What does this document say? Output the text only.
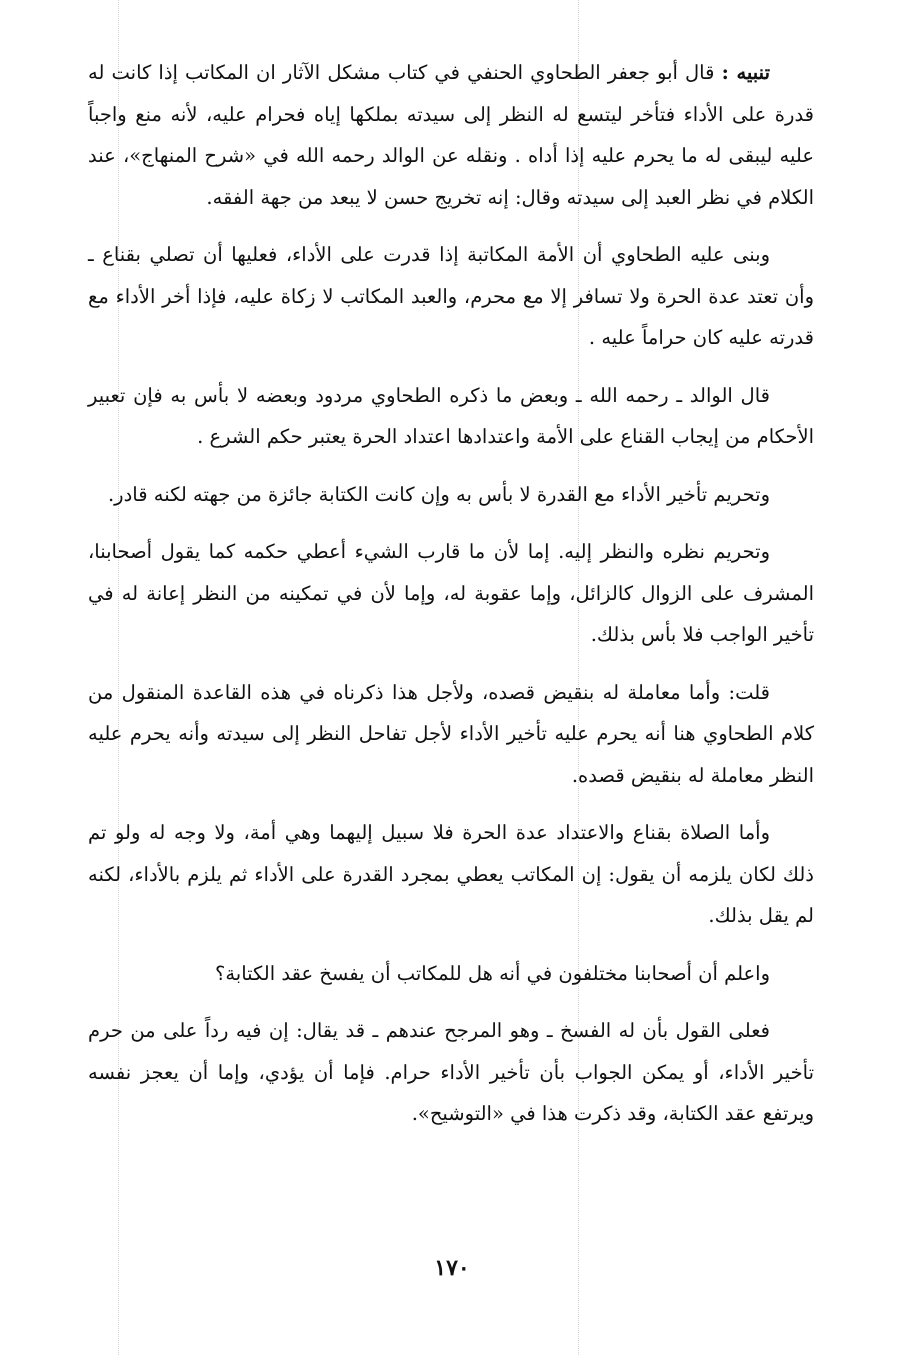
تنبيه : قال أبو جعفر الطحاوي الحنفي في كتاب مشكل الآثار ان المكاتب إذا كانت له قدرة على الأداء فتأخر ليتسع له النظر إلى سيدته بملكها إياه فحرام عليه، لأنه منع واجباً عليه ليبقى له ما يحرم عليه إذا أداه . ونقله عن الوالد رحمه الله في «شرح المنهاج»، عند الكلام في نظر العبد إلى سيدته وقال: إنه تخريج حسن لا يبعد من جهة الفقه.

وبنى عليه الطحاوي أن الأمة المكاتبة إذا قدرت على الأداء، فعليها أن تصلي بقناع ـ وأن تعتد عدة الحرة ولا تسافر إلا مع محرم، والعبد المكاتب لا زكاة عليه، فإذا أخر الأداء مع قدرته عليه كان حراماً عليه .

قال الوالد ـ رحمه الله ـ وبعض ما ذكره الطحاوي مردود وبعضه لا بأس به فإن تعبير الأحكام من إيجاب القناع على الأمة واعتدادها اعتداد الحرة يعتبر حكم الشرع .

وتحريم تأخير الأداء مع القدرة لا بأس به وإن كانت الكتابة جائزة من جهته لكنه قادر.

وتحريم نظره والنظر إليه. إما لأن ما قارب الشيء أعطي حكمه كما يقول أصحابنا، المشرف على الزوال كالزائل، وإما عقوبة له، وإما لأن في تمكينه من النظر إعانة له في تأخير الواجب فلا بأس بذلك.

قلت: وأما معاملة له بنقيض قصده، ولأجل هذا ذكرناه في هذه القاعدة المنقول من كلام الطحاوي هنا أنه يحرم عليه تأخير الأداء لأجل تفاحل النظر إلى سيدته وأنه يحرم عليه النظر معاملة له بنقيض قصده.

وأما الصلاة بقناع والاعتداد عدة الحرة فلا سبيل إليهما وهي أمة، ولا وجه له ولو تم ذلك لكان يلزمه أن يقول: إن المكاتب يعطي بمجرد القدرة على الأداء ثم يلزم بالأداء، لكنه لم يقل بذلك.

واعلم أن أصحابنا مختلفون في أنه هل للمكاتب أن يفسخ عقد الكتابة؟

فعلى القول بأن له الفسخ ـ وهو المرجح عندهم ـ قد يقال: إن فيه رداً على من حرم تأخير الأداء، أو يمكن الجواب بأن تأخير الأداء حرام. فإما أن يؤدي، وإما أن يعجز نفسه ويرتفع عقد الكتابة، وقد ذكرت هذا في «التوشيح».

١٧٠
